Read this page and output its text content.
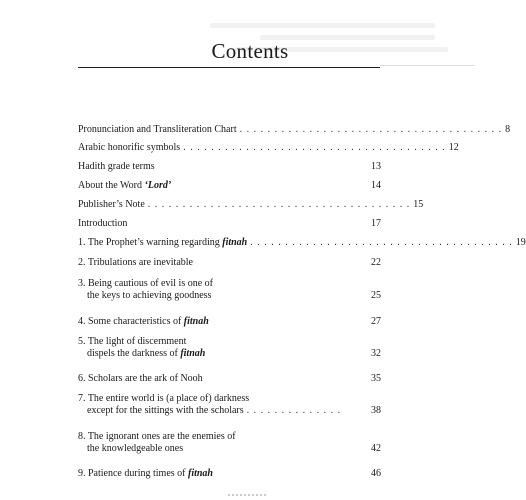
Contents
Pronunciation and Transliteration Chart . . . . . . . . . . . . . . . . . . . . . . . . . . . . . . . . . . . . . . 8
Arabic honorific symbols . . . . . . . . . . . . . . . . . . . . . . . . . . . . . . . . . . . . . . 12
Hadith grade terms	13
About the Word ‘Lord’	14
Publisher’s Note . . . . . . . . . . . . . . . . . . . . . . . . . . . . . . . . . . . . . . 15
Introduction	17
1. The Prophet’s warning regarding fitnah . . . . . . . . . . . . . . . . . . . . . . . . . . . . . . . . . . . . . . 19
2. Tribulations are inevitable	22
3. Being cautious of evil is one of
the keys to achieving goodness	25
4. Some characteristics of fitnah	27
5. The light of discernment
dispels the darkness of fitnah	32
6. Scholars are the ark of Nooh	35
7. The entire world is (a place of) darkness
except for the sittings with the scholars . . . . . . . . . . . . . .	38
8. The ignorant ones are the enemies of
the knowledgeable ones	42
9. Patience during times of fitnah	46
